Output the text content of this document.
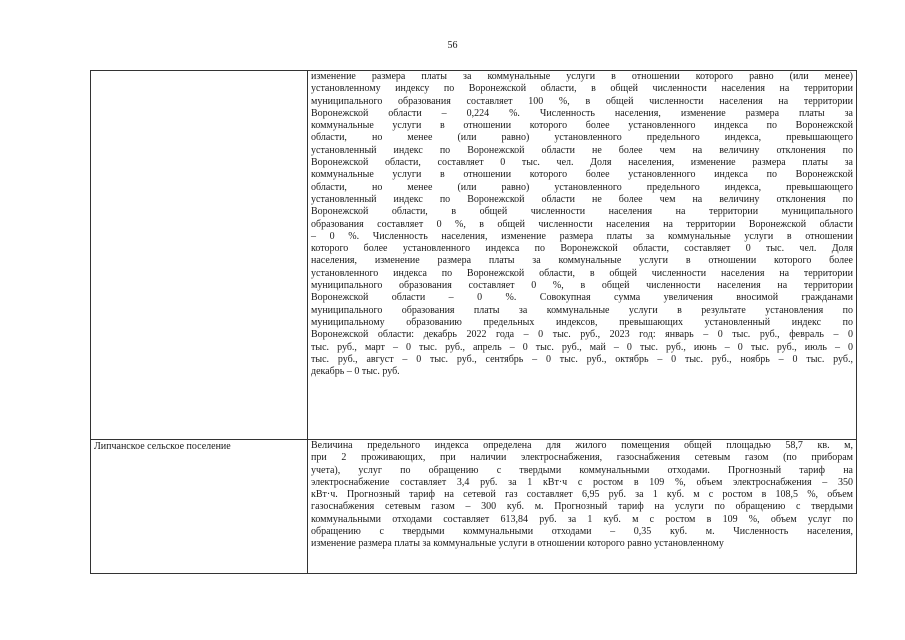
56
изменение размера платы за коммунальные услуги в отношении которого равно (или менее)
установленному индексу по Воронежской области, в общей численности населения на территории
муниципального образования составляет 100 %, в общей численности населения на территории
Воронежской области – 0,224 %. Численность населения, изменение размера платы за
коммунальные услуги в отношении которого более установленного индекса по Воронежской
области, но менее (или равно) установленного предельного индекса, превышающего
установленный индекс по Воронежской области не более чем на величину отклонения по
Воронежской области, составляет 0 тыс. чел. Доля населения, изменение размера платы за
коммунальные услуги в отношении которого более установленного индекса по Воронежской
области, но менее (или равно) установленного предельного индекса, превышающего
установленный индекс по Воронежской области не более чем на величину отклонения по
Воронежской области, в общей численности населения на территории муниципального
образования составляет 0 %, в общей численности населения на территории Воронежской области
– 0 %. Численность населения, изменение размера платы за коммунальные услуги в отношении
которого более установленного индекса по Воронежской области, составляет 0 тыс. чел. Доля
населения, изменение размера платы за коммунальные услуги в отношении которого более
установленного индекса по Воронежской области, в общей численности населения на территории
муниципального образования составляет 0 %, в общей численности населения на территории
Воронежской области – 0 %. Совокупная сумма увеличения вносимой гражданами
муниципального образования платы за коммунальные услуги в результате установления по
муниципальному образованию предельных индексов, превышающих установленный индекс по
Воронежской области: декабрь 2022 года – 0 тыс. руб., 2023 год: январь – 0 тыс. руб., февраль – 0
тыс. руб., март – 0 тыс. руб., апрель – 0 тыс. руб., май – 0 тыс. руб., июнь – 0 тыс. руб., июль – 0
тыс. руб., август – 0 тыс. руб., сентябрь – 0 тыс. руб., октябрь – 0 тыс. руб., ноябрь – 0 тыс. руб.,
декабрь – 0 тыс. руб.
Липчанское сельское поселение	Величина предельного индекса определена для жилого помещения общей площадью 58,7 кв. м,
при 2 проживающих, при наличии электроснабжения, газоснабжения сетевым газом (по приборам
учета), услуг по обращению с твердыми коммунальными отходами. Прогнозный тариф на
электроснабжение составляет 3,4 руб. за 1 кВт·ч с ростом в 109 %, объем электроснабжения – 350
кВт·ч. Прогнозный тариф на сетевой газ составляет 6,95 руб. за 1 куб. м с ростом в 108,5 %, объем
газоснабжения сетевым газом – 300 куб. м. Прогнозный тариф на услуги по обращению с твердыми
коммунальными отходами составляет 613,84 руб. за 1 куб. м с ростом в 109 %, объем услуг по
обращению с твердыми коммунальными отходами – 0,35 куб. м. Численность населения,
изменение размера платы за коммунальные услуги в отношении которого равно установленному
